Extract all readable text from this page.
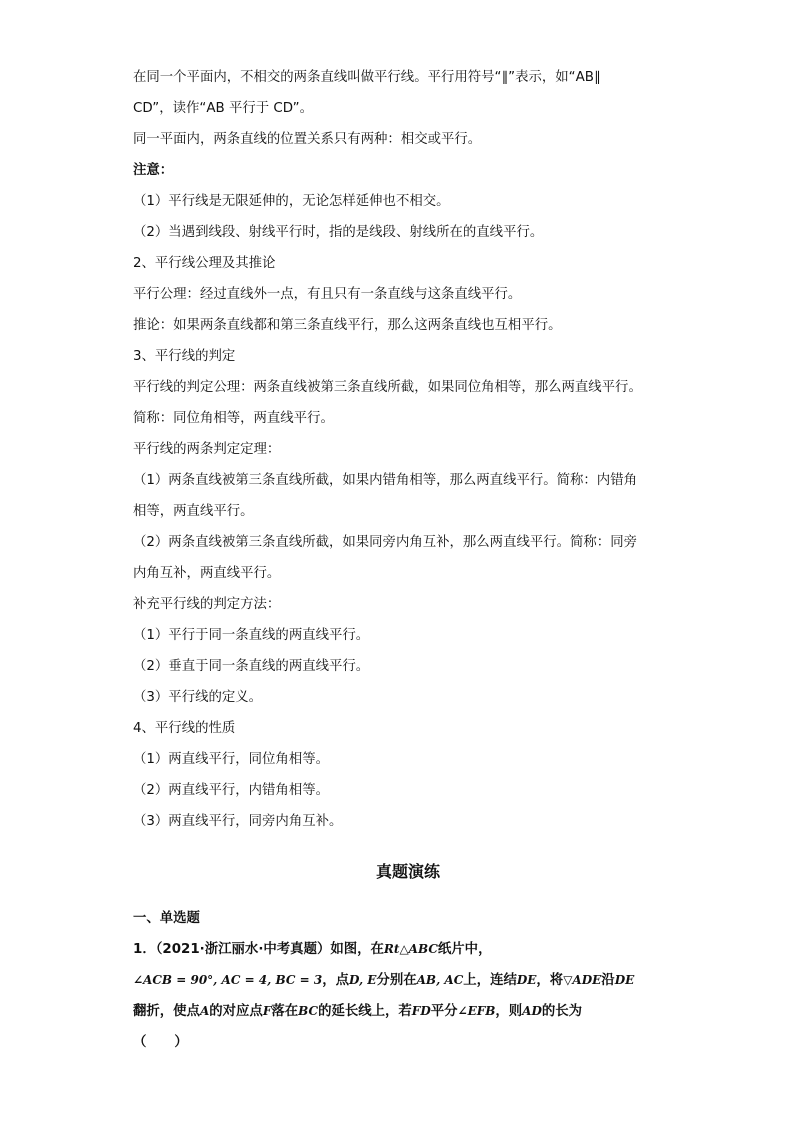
在同一个平面内，不相交的两条直线叫做平行线。平行用符号“∥”表示，如“AB∥
CD”，读作“AB 平行于 CD”。
同一平面内，两条直线的位置关系只有两种：相交或平行。
注意：
（1）平行线是无限延伸的，无论怎样延伸也不相交。
（2）当遇到线段、射线平行时，指的是线段、射线所在的直线平行。
2、平行线公理及其推论
平行公理：经过直线外一点，有且只有一条直线与这条直线平行。
推论：如果两条直线都和第三条直线平行，那么这两条直线也互相平行。
3、平行线的判定
平行线的判定公理：两条直线被第三条直线所截，如果同位角相等，那么两直线平行。
简称：同位角相等，两直线平行。
平行线的两条判定定理：
（1）两条直线被第三条直线所截，如果内错角相等，那么两直线平行。简称：内错角
相等，两直线平行。
（2）两条直线被第三条直线所截，如果同旁内角互补，那么两直线平行。简称：同旁
内角互补，两直线平行。
补充平行线的判定方法：
（1）平行于同一条直线的两直线平行。
（2）垂直于同一条直线的两直线平行。
（3）平行线的定义。
4、平行线的性质
（1）两直线平行，同位角相等。
（2）两直线平行，内错角相等。
（3）两直线平行，同旁内角互补。
真题演练
一、单选题
1．（2021·浙江丽水·中考真题）如图，在Rt△ABC纸片中，
∠ACB = 90°, AC = 4, BC = 3，点D, E分别在AB, AC上，连结DE，将▽ADE沿DE
翻折，使点A的对应点F落在BC的延长线上，若FD平分∠EFB，则AD的长为
（ ）
